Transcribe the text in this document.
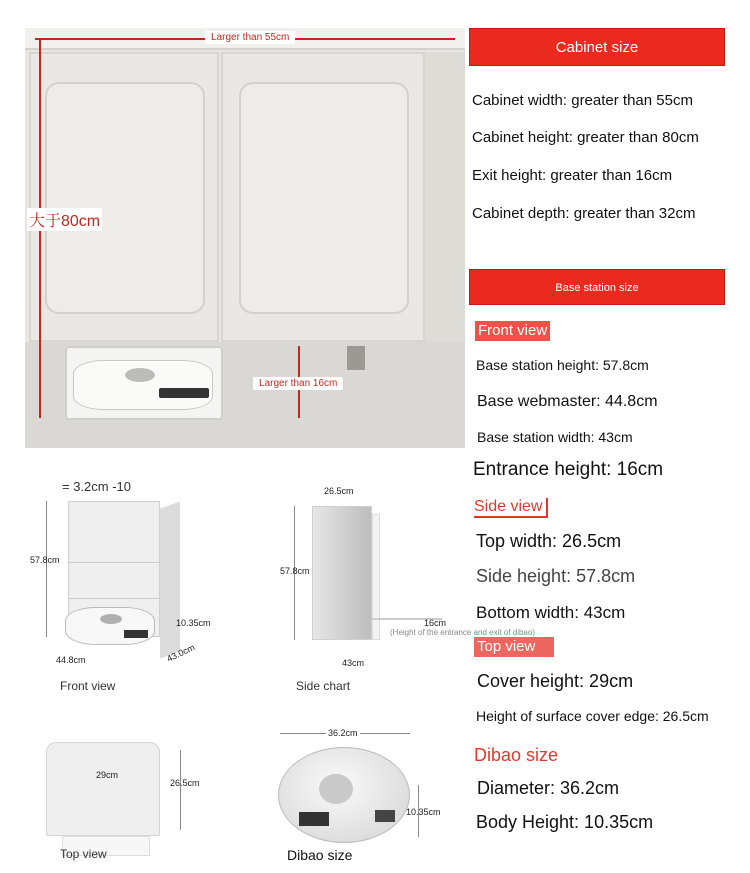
Larger than 55cm
大于80cm
Larger than 16cm
Cabinet size
Cabinet width: greater than 55cm
Cabinet height: greater than 80cm
Exit height: greater than 16cm
Cabinet depth: greater than 32cm
Base station size
Front view
Base station height: 57.8cm
Base webmaster: 44.8cm
Base station width: 43cm
Entrance height: 16cm
Side view
Top width: 26.5cm
Side height: 57.8cm
Bottom width: 43cm
Top view
Cover height: 29cm
Height of surface cover edge: 26.5cm
Dibao size
Diameter: 36.2cm
Body Height: 10.35cm
= 3.2cm -10
57.8cm
10.35cm
44.8cm	43.0cm
Front view
26.5cm
57.8cm
16cm
(Height of the entrance and exit of dibao)
43cm
Side chart
29cm
26.5cm
Top view
36.2cm
10.35cm
Dibao size
